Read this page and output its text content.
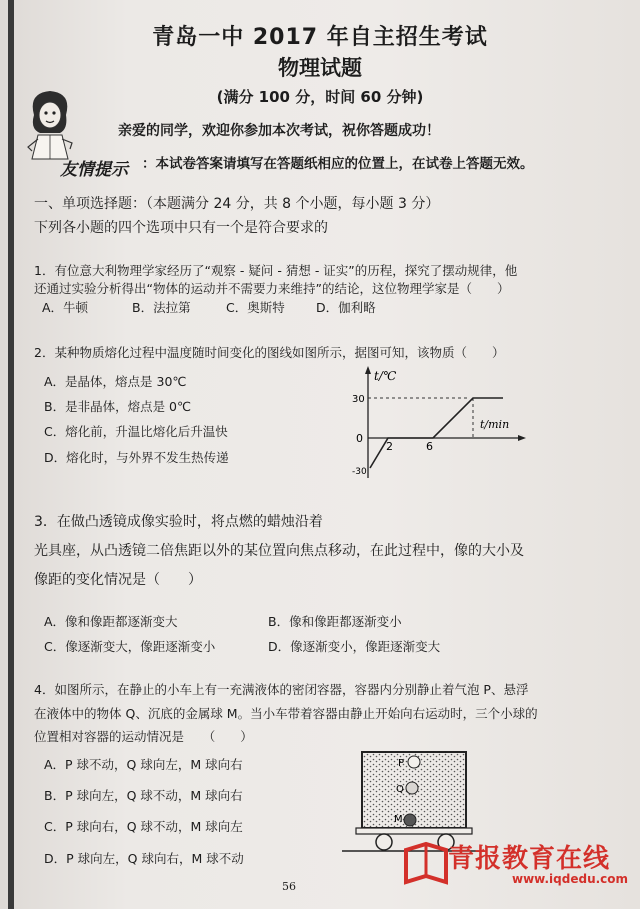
青岛一中 2017 年自主招生考试
物理试题
(满分 100 分，时间 60 分钟)
亲爱的同学，欢迎你参加本次考试，祝你答题成功！
友情提示 ：本试卷答案请填写在答题纸相应的位置上，在试卷上答题无效。
一、单项选择题：（本题满分 24 分，共 8 个小题，每小题 3 分）
下列各小题的四个选项中只有一个是符合要求的
1．有位意大利物理学家经历了“观察 - 疑问 - 猜想 - 证实”的历程，探究了摆动规律，他
还通过实验分析得出“物体的运动并不需要力来维持”的结论，这位物理学家是（　　）
A．牛顿	B．法拉第	C．奥斯特	D．伽利略
2．某种物质熔化过程中温度随时间变化的图线如图所示，据图可知，该物质（　　）
A．是晶体，熔点是 30℃
B．是非晶体，熔点是 0℃
C．熔化前，升温比熔化后升温快
D．熔化时，与外界不发生热传递
t/℃
t/min
30
0
-30
2	6
3．在做凸透镜成像实验时，将点燃的蜡烛沿着
光具座，从凸透镜二倍焦距以外的某位置向焦点移动，在此过程中，像的大小及
像距的变化情况是（　　）
A．像和像距都逐渐变大	B．像和像距都逐渐变小
C．像逐渐变大，像距逐渐变小	D．像逐渐变小，像距逐渐变大
4．如图所示，在静止的小车上有一充满液体的密闭容器，容器内分别静止着气泡 P、悬浮
在液体中的物体 Q、沉底的金属球 M。当小车带着容器由静止开始向右运动时，三个小球的
位置相对容器的运动情况是　　（　　）
A．P 球不动，Q 球向左，M 球向右
B．P 球向左，Q 球不动，M 球向右
C．P 球向右，Q 球不动，M 球向左
D．P 球向左，Q 球向右，M 球不动
P
Q
M
56
青报教育在线
www.iqdedu.com
